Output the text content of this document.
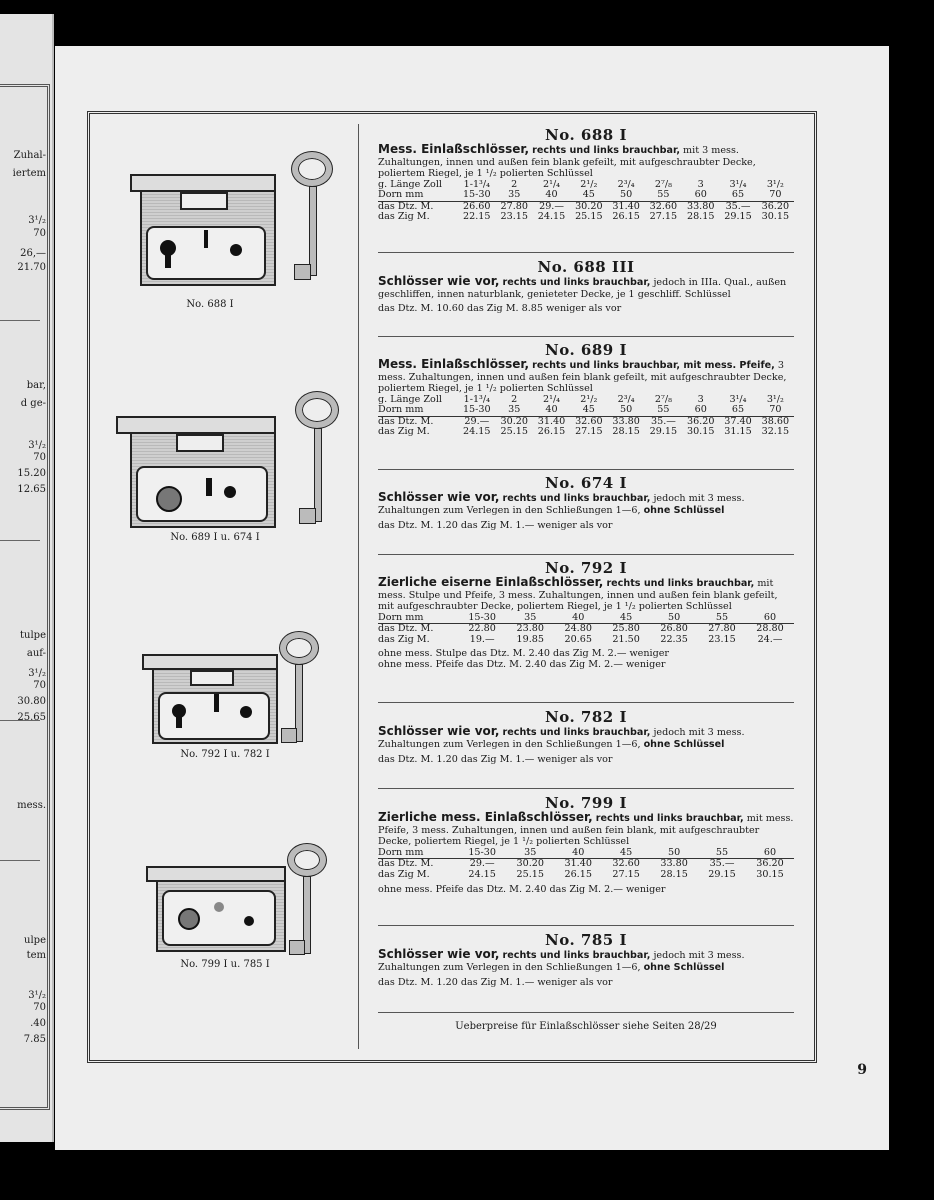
Zuhal-
iertem
3¹/₂
70
26,—
21.70
bar,
d ge-
3¹/₂
70
15.20
12.65
tulpe
auf-
3¹/₂
70
30.80
25.65
mess.
ulpe
tem
3¹/₂
70
.40
7.85
No. 688 I
No. 689 I u. 674 I
No. 792 I u. 782 I
No. 799 I u. 785 I
No. 688 I
Mess. Einlaßschlösser, rechts und links brauchbar, mit 3 mess. Zuhaltungen, innen und außen fein blank gefeilt, mit aufgeschraubter Decke, poliertem Riegel, je 1 ¹/₂ polierten Schlüssel
g. Länge Zoll	1-1³/₄	2	2¹/₄	2¹/₂	2³/₄	2⁷/₈	3	3¹/₄	3¹/₂
Dorn mm	15-30	35	40	45	50	55	60	65	70
das Dtz. M.	26.60	27.80	29.—	30.20	31.40	32.60	33.80	35.—	36.20
das Zig M.	22.15	23.15	24.15	25.15	26.15	27.15	28.15	29.15	30.15
No. 688 III
Schlösser wie vor, rechts und links brauchbar, jedoch in IIIa. Qual., außen geschliffen, innen naturblank, genieteter Decke, je 1 geschliff. Schlüssel
das Dtz. M. 10.60 das Zig M. 8.85 weniger als vor
No. 689 I
Mess. Einlaßschlösser, rechts und links brauchbar, mit mess. Pfeife, 3 mess. Zuhaltungen, innen und außen fein blank gefeilt, mit aufgeschraubter Decke, poliertem Riegel, je 1 ¹/₂ polierten Schlüssel
g. Länge Zoll	1-1³/₄	2	2¹/₄	2¹/₂	2³/₄	2⁷/₈	3	3¹/₄	3¹/₂
Dorn mm	15-30	35	40	45	50	55	60	65	70
das Dtz. M.	29.—	30.20	31.40	32.60	33.80	35.—	36.20	37.40	38.60
das Zig M.	24.15	25.15	26.15	27.15	28.15	29.15	30.15	31.15	32.15
No. 674 I
Schlösser wie vor, rechts und links brauchbar, jedoch mit 3 mess. Zuhaltungen zum Verlegen in den Schließungen 1—6, ohne Schlüssel
das Dtz. M. 1.20 das Zig M. 1.— weniger als vor
No. 792 I
Zierliche eiserne Einlaßschlösser, rechts und links brauchbar, mit mess. Stulpe und Pfeife, 3 mess. Zuhaltungen, innen und außen fein blank gefeilt, mit aufgeschraubter Decke, poliertem Riegel, je 1 ¹/₂ polierten Schlüssel
Dorn mm	15-30	35	40	45	50	55	60
das Dtz. M.	22.80	23.80	24.80	25.80	26.80	27.80	28.80
das Zig M.	19.—	19.85	20.65	21.50	22.35	23.15	24.—
ohne mess. Stulpe das Dtz. M. 2.40 das Zig M. 2.— weniger
ohne mess. Pfeife das Dtz. M. 2.40 das Zig M. 2.— weniger
No. 782 I
Schlösser wie vor, rechts und links brauchbar, jedoch mit 3 mess. Zuhaltungen zum Verlegen in den Schließungen 1—6, ohne Schlüssel
das Dtz. M. 1.20 das Zig M. 1.— weniger als vor
No. 799 I
Zierliche mess. Einlaßschlösser, rechts und links brauchbar, mit mess. Pfeife, 3 mess. Zuhaltungen, innen und außen fein blank, mit aufgeschraubter Decke, poliertem Riegel, je 1 ¹/₂ polierten Schlüssel
Dorn mm	15-30	35	40	45	50	55	60
das Dtz. M.	29.—	30.20	31.40	32.60	33.80	35.—	36.20
das Zig M.	24.15	25.15	26.15	27.15	28.15	29.15	30.15
ohne mess. Pfeife das Dtz. M. 2.40 das Zig M. 2.— weniger
No. 785 I
Schlösser wie vor, rechts und links brauchbar, jedoch mit 3 mess. Zuhaltungen zum Verlegen in den Schließungen 1—6, ohne Schlüssel
das Dtz. M. 1.20 das Zig M. 1.— weniger als vor
Ueberpreise für Einlaßschlösser siehe Seiten 28/29
9
